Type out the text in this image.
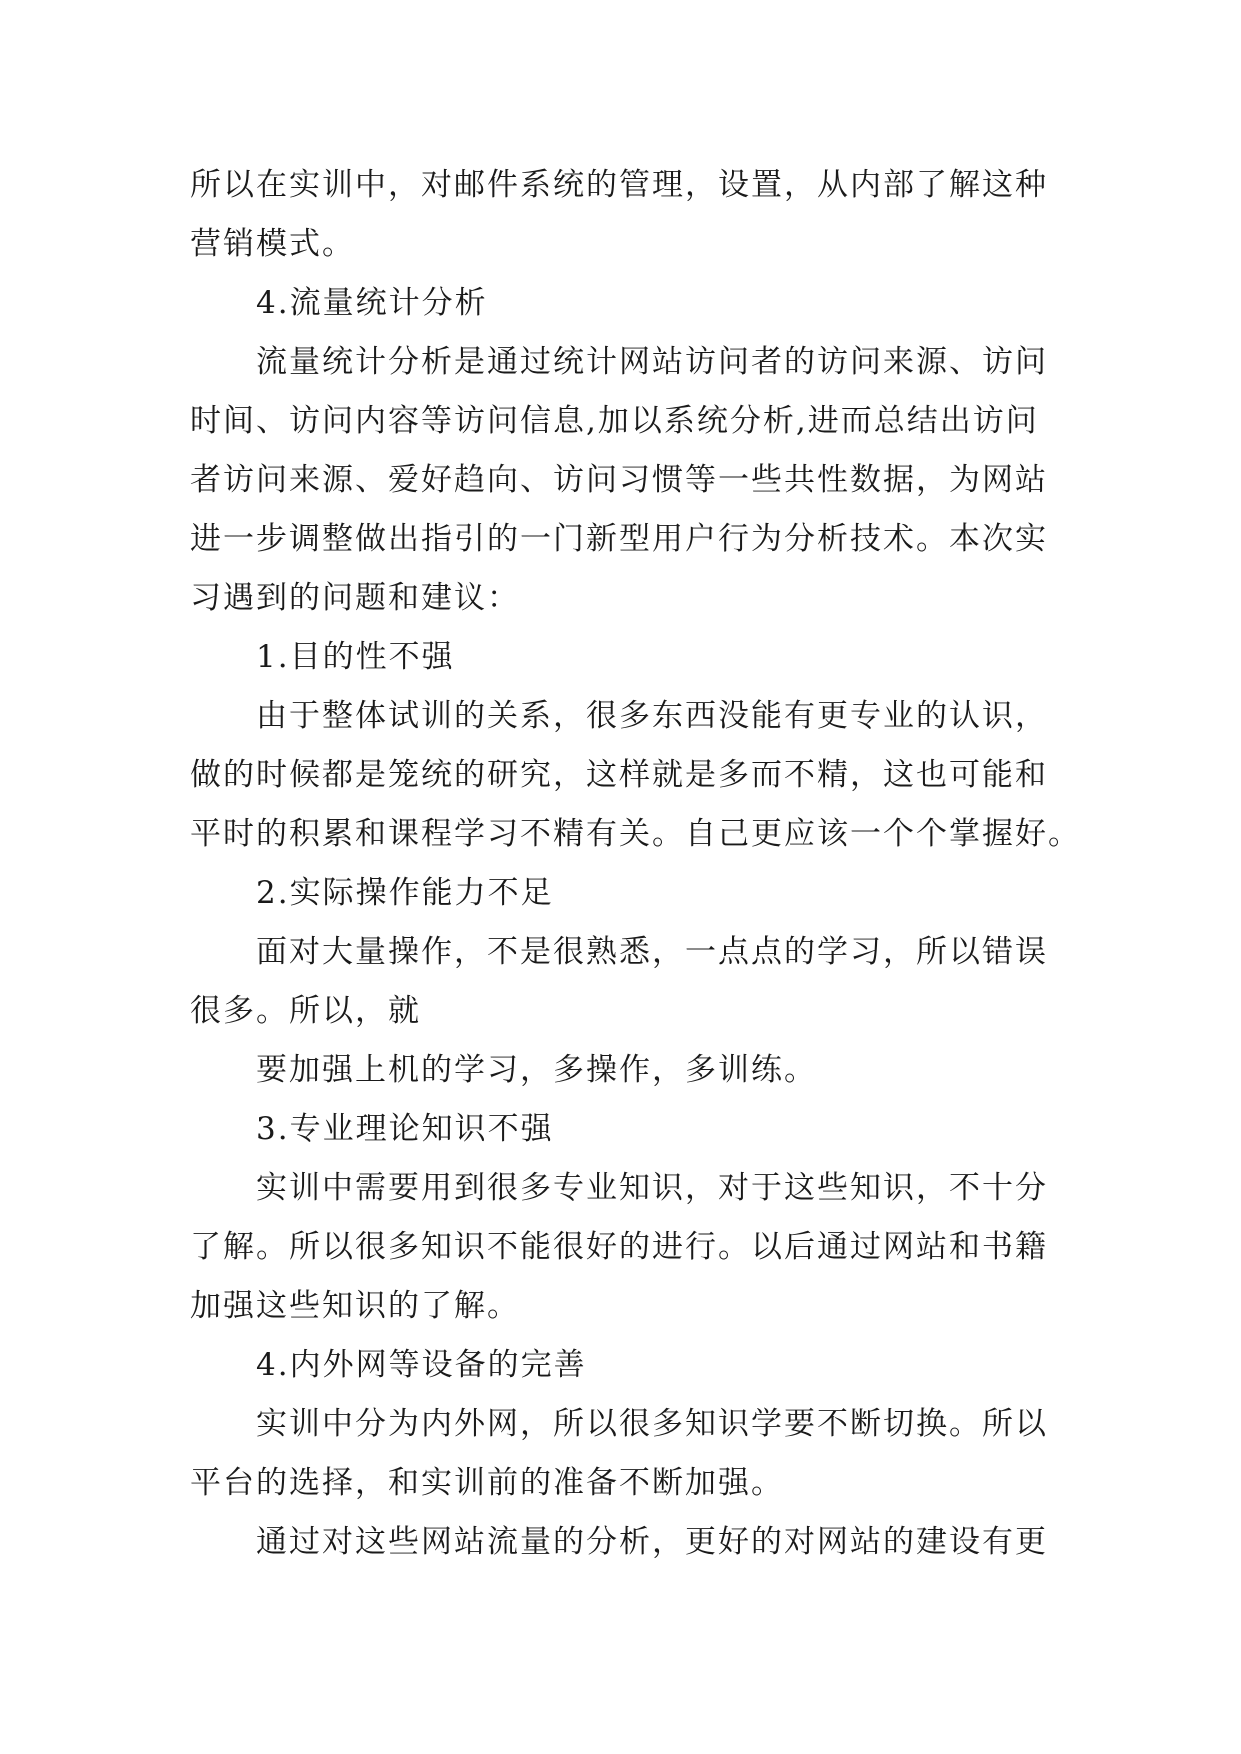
所以在实训中，对邮件系统的管理，设置，从内部了解这种
营销模式。
4.流量统计分析
流量统计分析是通过统计网站访问者的访问来源、访问
时间、访问内容等访问信息,加以系统分析,进而总结出访问
者访问来源、爱好趋向、访问习惯等一些共性数据，为网站
进一步调整做出指引的一门新型用户行为分析技术。本次实
习遇到的问题和建议：
1.目的性不强
由于整体试训的关系，很多东西没能有更专业的认识，
做的时候都是笼统的研究，这样就是多而不精，这也可能和
平时的积累和课程学习不精有关。自己更应该一个个掌握好。
2.实际操作能力不足
面对大量操作，不是很熟悉，一点点的学习，所以错误
很多。所以，就
要加强上机的学习，多操作，多训练。
3.专业理论知识不强
实训中需要用到很多专业知识，对于这些知识，不十分
了解。所以很多知识不能很好的进行。以后通过网站和书籍
加强这些知识的了解。
4.内外网等设备的完善
实训中分为内外网，所以很多知识学要不断切换。所以
平台的选择，和实训前的准备不断加强。
通过对这些网站流量的分析，更好的对网站的建设有更
